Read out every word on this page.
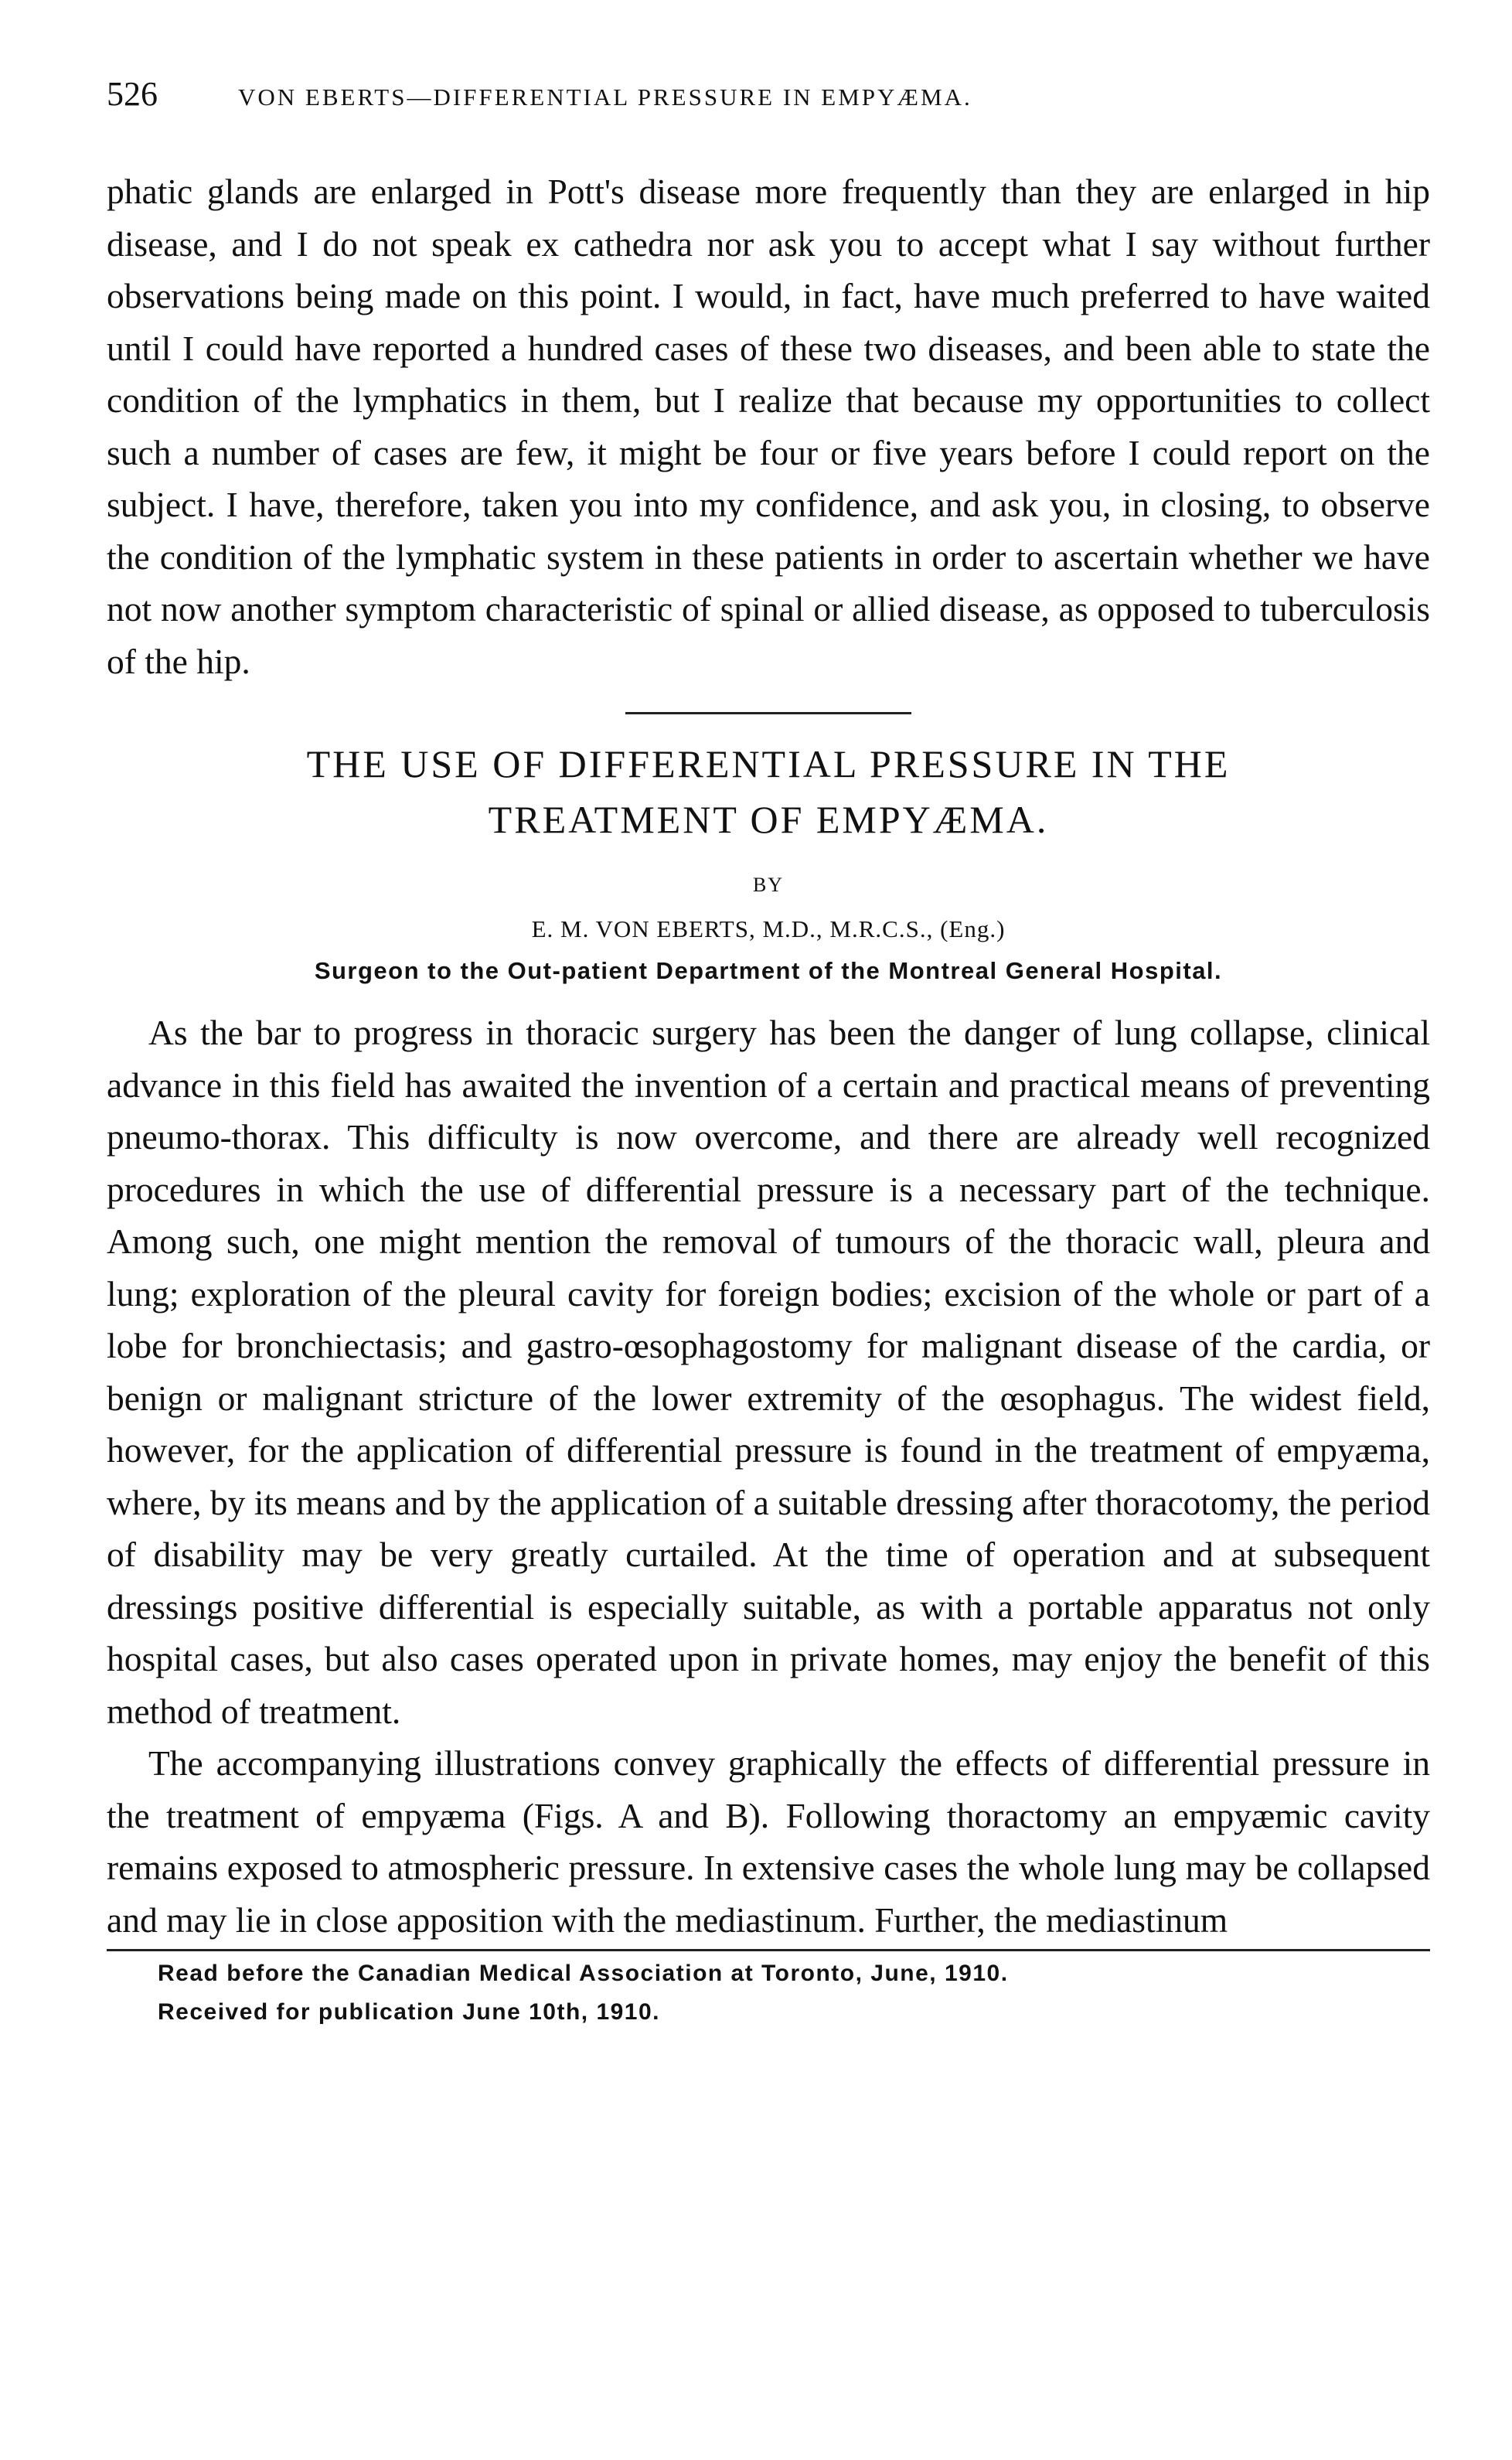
526	VON EBERTS—DIFFERENTIAL PRESSURE IN EMPYÆMA.

phatic glands are enlarged in Pott's disease more frequently than they are enlarged in hip disease, and I do not speak ex cathedra nor ask you to accept what I say without further observations being made on this point. I would, in fact, have much preferred to have waited until I could have reported a hundred cases of these two diseases, and been able to state the condition of the lymphatics in them, but I realize that because my opportunities to collect such a number of cases are few, it might be four or five years before I could report on the subject. I have, therefore, taken you into my confidence, and ask you, in closing, to observe the condition of the lymphatic system in these patients in order to ascertain whether we have not now another symptom characteristic of spinal or allied disease, as opposed to tuberculosis of the hip.

THE USE OF DIFFERENTIAL PRESSURE IN THE

TREATMENT OF EMPYÆMA.

BY
E. M. VON EBERTS, M.D., M.R.C.S., (Eng.)
Surgeon to the Out-patient Department of the Montreal General Hospital.

As the bar to progress in thoracic surgery has been the danger of lung collapse, clinical advance in this field has awaited the invention of a certain and practical means of preventing pneumo-thorax. This difficulty is now overcome, and there are already well recognized procedures in which the use of differential pressure is a necessary part of the technique. Among such, one might mention the removal of tumours of the thoracic wall, pleura and lung; exploration of the pleural cavity for foreign bodies; excision of the whole or part of a lobe for bronchiectasis; and gastro-œsophagostomy for malignant disease of the cardia, or benign or malignant stricture of the lower extremity of the œsophagus. The widest field, however, for the application of differential pressure is found in the treatment of empyæma, where, by its means and by the application of a suitable dressing after thoracotomy, the period of disability may be very greatly curtailed. At the time of operation and at subsequent dressings positive differential is especially suitable, as with a portable apparatus not only hospital cases, but also cases operated upon in private homes, may enjoy the benefit of this method of treatment.

The accompanying illustrations convey graphically the effects of differential pressure in the treatment of empyæma (Figs. A and B). Following thoractomy an empyæmic cavity remains exposed to atmospheric pressure. In extensive cases the whole lung may be collapsed and may lie in close apposition with the mediastinum. Further, the mediastinum

Read before the Canadian Medical Association at Toronto, June, 1910.
Received for publication June 10th, 1910.
